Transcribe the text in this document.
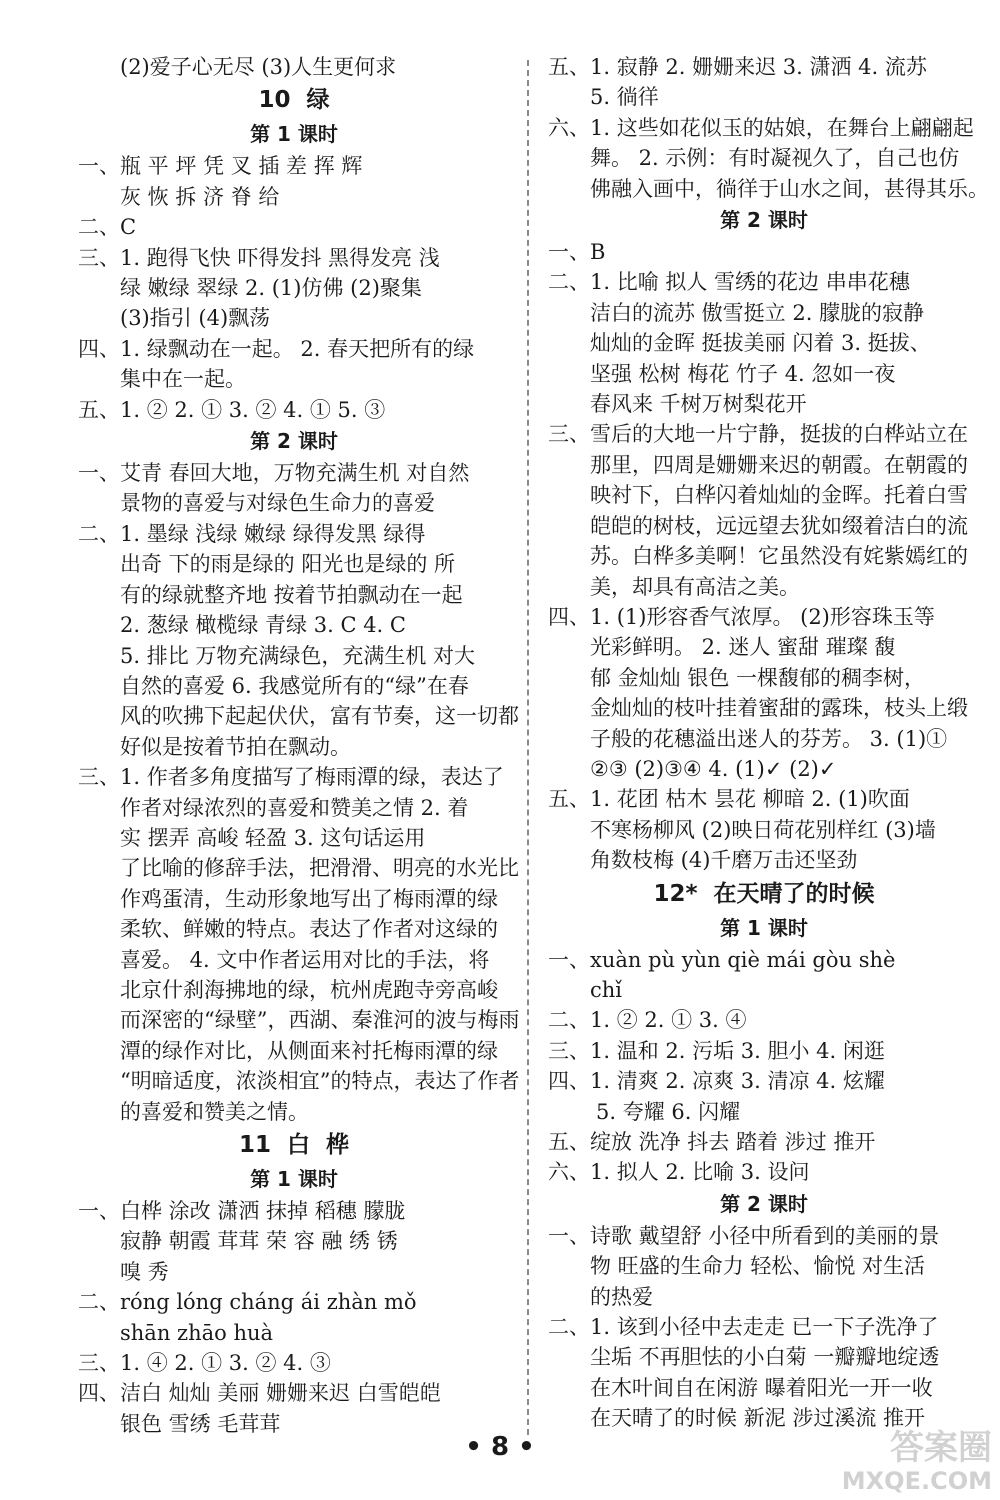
(2)爱子心无尽 (3)人生更何求
10  绿
第 1 课时
一、瓶 平 坪 凭 叉 插 差 挥 辉
灰 恢 拆 济 脊 给
二、C
三、1. 跑得飞快 吓得发抖 黑得发亮 浅
绿 嫩绿 翠绿 2. (1)仿佛 (2)聚集
(3)指引 (4)飘荡
四、1. 绿飘动在一起。 2. 春天把所有的绿
集中在一起。
五、1. ② 2. ① 3. ② 4. ① 5. ③
第 2 课时
一、艾青 春回大地，万物充满生机 对自然
景物的喜爱与对绿色生命力的喜爱
二、1. 墨绿 浅绿 嫩绿 绿得发黑 绿得
出奇 下的雨是绿的 阳光也是绿的 所
有的绿就整齐地 按着节拍飘动在一起
2. 葱绿 橄榄绿 青绿 3. C 4. C
5. 排比 万物充满绿色，充满生机 对大
自然的喜爱 6. 我感觉所有的“绿”在春
风的吹拂下起起伏伏，富有节奏，这一切都
好似是按着节拍在飘动。
三、1. 作者多角度描写了梅雨潭的绿，表达了
作者对绿浓烈的喜爱和赞美之情 2. 着
实 摆弄 高峻 轻盈 3. 这句话运用
了比喻的修辞手法，把滑滑、明亮的水光比
作鸡蛋清，生动形象地写出了梅雨潭的绿
柔软、鲜嫩的特点。表达了作者对这绿的
喜爱。 4. 文中作者运用对比的手法，将
北京什刹海拂地的绿，杭州虎跑寺旁高峻
而深密的“绿壁”，西湖、秦淮河的波与梅雨
潭的绿作对比，从侧面来衬托梅雨潭的绿
“明暗适度，浓淡相宜”的特点，表达了作者
的喜爱和赞美之情。
11  白  桦
第 1 课时
一、白桦 涂改 潇洒 抹掉 稻穗 朦胧
寂静 朝霞 茸茸 荣 容 融 绣 锈
嗅 秀
二、róng lóng cháng ái zhàn mǒ
shān zhāo huà
三、1. ④ 2. ① 3. ② 4. ③
四、洁白 灿灿 美丽 姗姗来迟 白雪皑皑
银色 雪绣 毛茸茸
五、1. 寂静 2. 姗姗来迟 3. 潇洒 4. 流苏
5. 徜徉
六、1. 这些如花似玉的姑娘，在舞台上翩翩起
舞。 2. 示例：有时凝视久了，自己也仿
佛融入画中，徜徉于山水之间，甚得其乐。
第 2 课时
一、B
二、1. 比喻 拟人 雪绣的花边 串串花穗
洁白的流苏 傲雪挺立 2. 朦胧的寂静
灿灿的金晖 挺拔美丽 闪着 3. 挺拔、
坚强 松树 梅花 竹子 4. 忽如一夜
春风来 千树万树梨花开
三、雪后的大地一片宁静，挺拔的白桦站立在
那里，四周是姗姗来迟的朝霞。在朝霞的
映衬下，白桦闪着灿灿的金晖。托着白雪
皑皑的树枝，远远望去犹如缀着洁白的流
苏。白桦多美啊！它虽然没有姹紫嫣红的
美，却具有高洁之美。
四、1. (1)形容香气浓厚。 (2)形容珠玉等
光彩鲜明。 2. 迷人 蜜甜 璀璨 馥
郁 金灿灿 银色 一棵馥郁的稠李树，
金灿灿的枝叶挂着蜜甜的露珠，枝头上缎
子般的花穗溢出迷人的芬芳。 3. (1)①
②③ (2)③④ 4. (1)✓ (2)✓
五、1. 花团 枯木 昙花 柳暗 2. (1)吹面
不寒杨柳风 (2)映日荷花别样红 (3)墙
角数枝梅 (4)千磨万击还坚劲
12*  在天晴了的时候
第 1 课时
一、xuàn pù yùn qiè mái gòu shè
chǐ
二、1. ② 2. ① 3. ④
三、1. 温和 2. 污垢 3. 胆小 4. 闲逛
四、1. 清爽 2. 凉爽 3. 清凉 4. 炫耀
5. 夸耀 6. 闪耀
五、绽放 洗净 抖去 踏着 涉过 推开
六、1. 拟人 2. 比喻 3. 设问
第 2 课时
一、诗歌 戴望舒 小径中所看到的美丽的景
物 旺盛的生命力 轻松、愉悦 对生活
的热爱
二、1. 该到小径中去走走 已一下子洗净了
尘垢 不再胆怯的小白菊 一瓣瓣地绽透
在木叶间自在闲游 曝着阳光一开一收
在天晴了的时候 新泥 涉过溪流 推开
• 8 •	答案圈
MXQE.COM
